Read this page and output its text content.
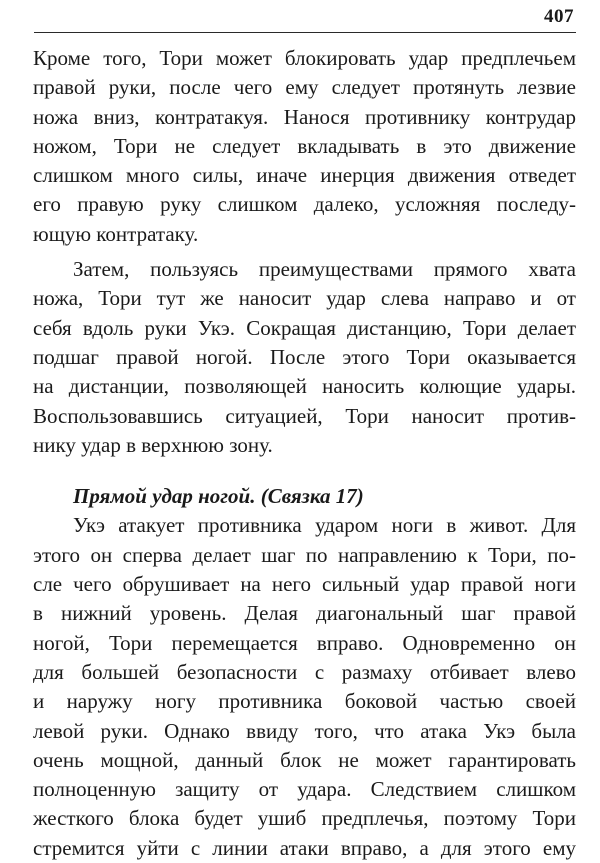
407
Кроме того, Тори может блокировать удар предплечьем
правой руки, после чего ему следует протянуть лезвие
ножа вниз, контратакуя. Нанося противнику контрудар
ножом, Тори не следует вкладывать в это движение
слишком много силы, иначе инерция движения отведет
его правую руку слишком далеко, усложняя последу-
ющую контратаку.
Затем, пользуясь преимуществами прямого хвата
ножа, Тори тут же наносит удар слева направо и от
себя вдоль руки Укэ. Сокращая дистанцию, Тори делает
подшаг правой ногой. После этого Тори оказывается
на дистанции, позволяющей наносить колющие удары.
Воспользовавшись ситуацией, Тори наносит против-
нику удар в верхнюю зону.
Прямой удар ногой. (Связка 17)
Укэ атакует противника ударом ноги в живот. Для
этого он сперва делает шаг по направлению к Тори, по-
сле чего обрушивает на него сильный удар правой ноги
в нижний уровень. Делая диагональный шаг правой
ногой, Тори перемещается вправо. Одновременно он
для большей безопасности с размаху отбивает влево
и наружу ногу противника боковой частью своей
левой руки. Однако ввиду того, что атака Укэ была
очень мощной, данный блок не может гарантировать
полноценную защиту от удара. Следствием слишком
жесткого блока будет ушиб предплечья, поэтому Тори
стремится уйти с линии атаки вправо, а для этого ему
